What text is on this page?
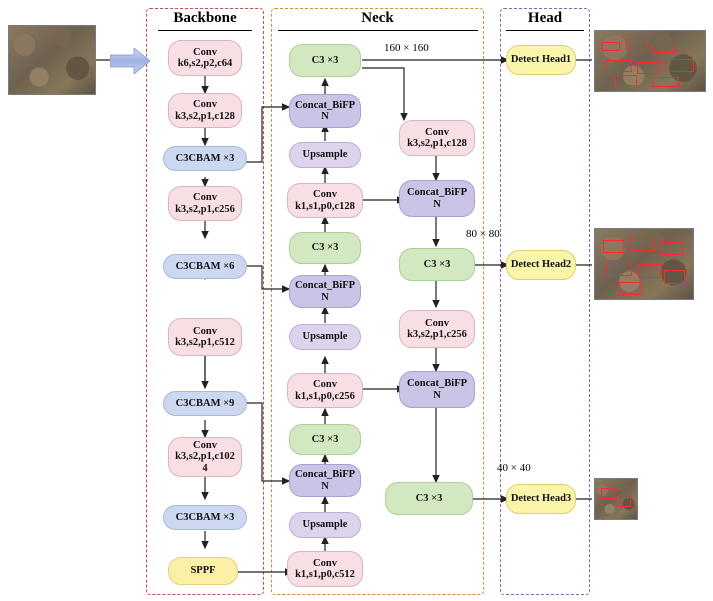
Backbone	Neck	Head
Conv
k6,s2,p2,c64
Conv
k3,s2,p1,c128
C3CBAM ×3
Conv
k3,s2,p1,c256
C3CBAM ×6
Conv
k3,s2,p1,c512
C3CBAM ×9
Conv
k3,s2,p1,c102
4
C3CBAM ×3
SPPF
C3 ×3
Concat_BiFP
N
Upsample
Conv
k1,s1,p0,c128
C3 ×3
Concat_BiFP
N
Upsample
Conv
k1,s1,p0,c256
C3 ×3
Concat_BiFP
N
Upsample
Conv
k1,s1,p0,c512
Conv
k3,s2,p1,c128
Concat_BiFP
N
C3 ×3
Conv
k3,s2,p1,c256
Concat_BiFP
N
C3 ×3
Detect Head1
Detect Head2
Detect Head3
160 × 160
80 × 80
40 × 40
